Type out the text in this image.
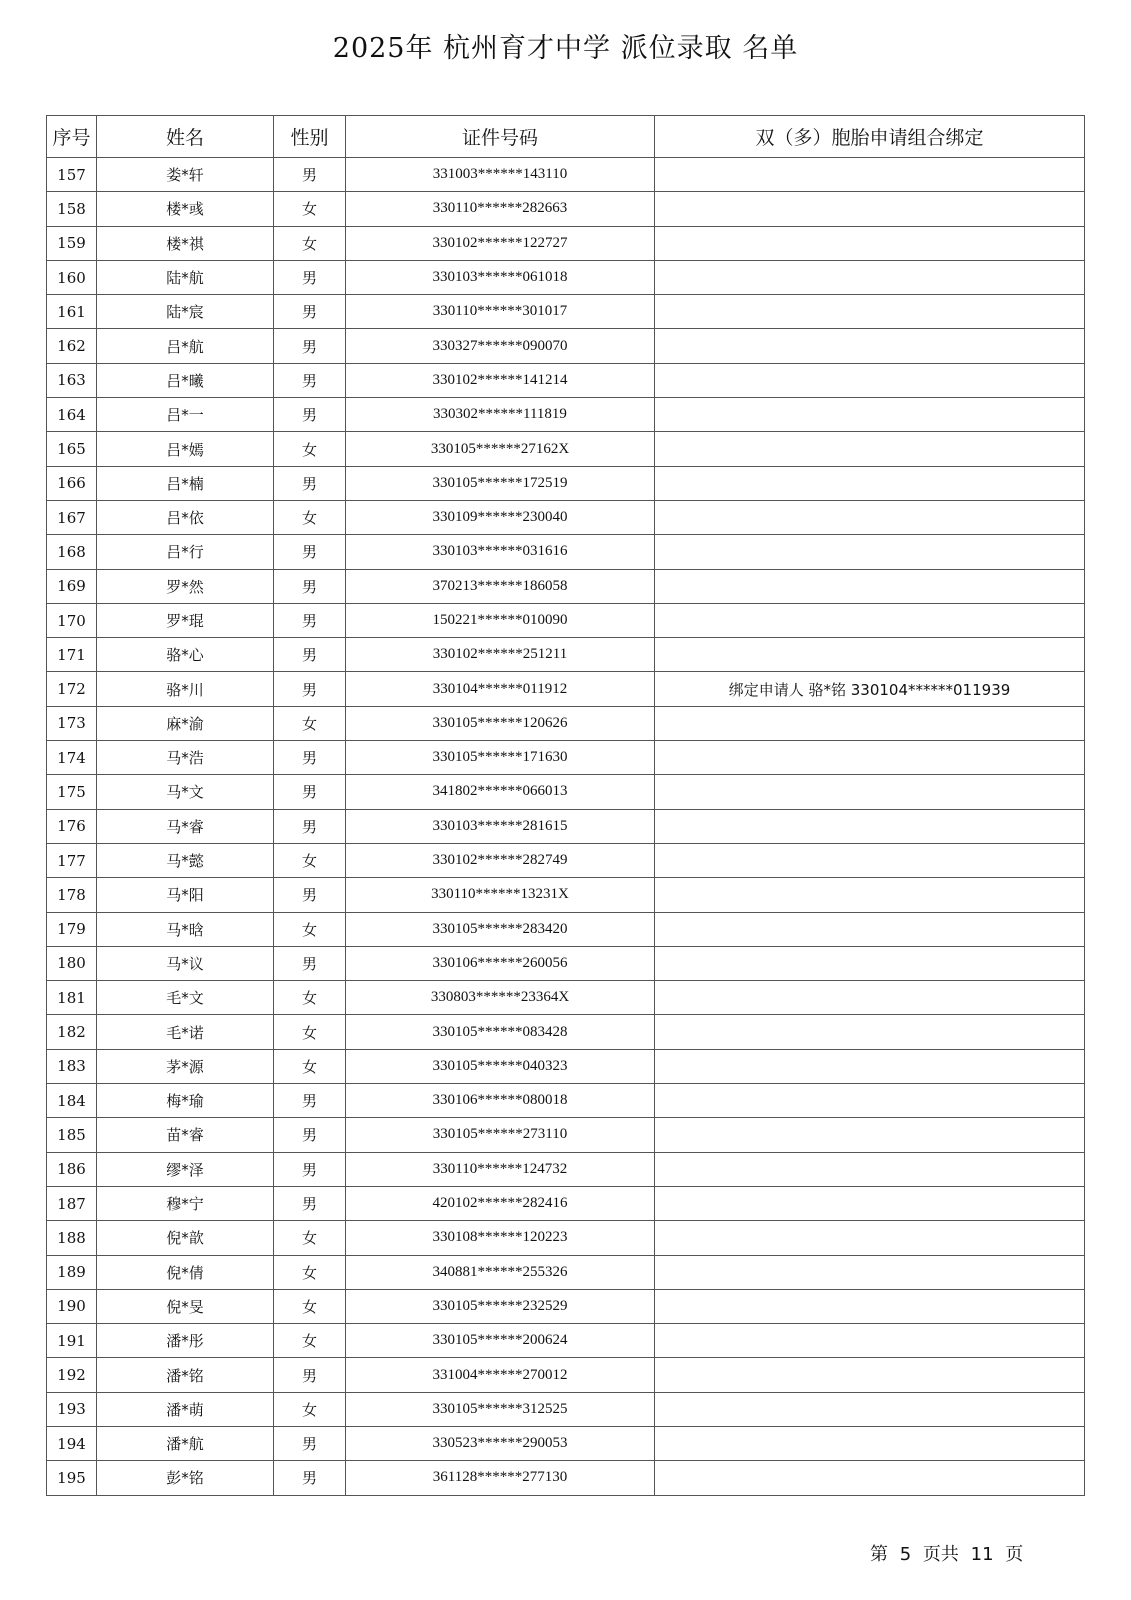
2025年 杭州育才中学 派位录取 名单
序号	姓名	性别	证件号码	双（多）胞胎申请组合绑定
157	娄*轩	男	331003******143110	
158	楼*彧	女	330110******282663	
159	楼*祺	女	330102******122727	
160	陆*航	男	330103******061018	
161	陆*宸	男	330110******301017	
162	吕*航	男	330327******090070	
163	吕*曦	男	330102******141214	
164	吕*一	男	330302******111819	
165	吕*嫣	女	330105******27162X	
166	吕*楠	男	330105******172519	
167	吕*依	女	330109******230040	
168	吕*行	男	330103******031616	
169	罗*然	男	370213******186058	
170	罗*琨	男	150221******010090	
171	骆*心	男	330102******251211	
172	骆*川	男	330104******011912	绑定申请人 骆*铭 330104******011939
173	麻*渝	女	330105******120626	
174	马*浩	男	330105******171630	
175	马*文	男	341802******066013	
176	马*睿	男	330103******281615	
177	马*懿	女	330102******282749	
178	马*阳	男	330110******13231X	
179	马*晗	女	330105******283420	
180	马*议	男	330106******260056	
181	毛*文	女	330803******23364X	
182	毛*诺	女	330105******083428	
183	茅*源	女	330105******040323	
184	梅*瑜	男	330106******080018	
185	苗*睿	男	330105******273110	
186	缪*泽	男	330110******124732	
187	穆*宁	男	420102******282416	
188	倪*歆	女	330108******120223	
189	倪*倩	女	340881******255326	
190	倪*旻	女	330105******232529	
191	潘*彤	女	330105******200624	
192	潘*铭	男	331004******270012	
193	潘*萌	女	330105******312525	
194	潘*航	男	330523******290053	
195	彭*铭	男	361128******277130	
第 5 页共 11 页
